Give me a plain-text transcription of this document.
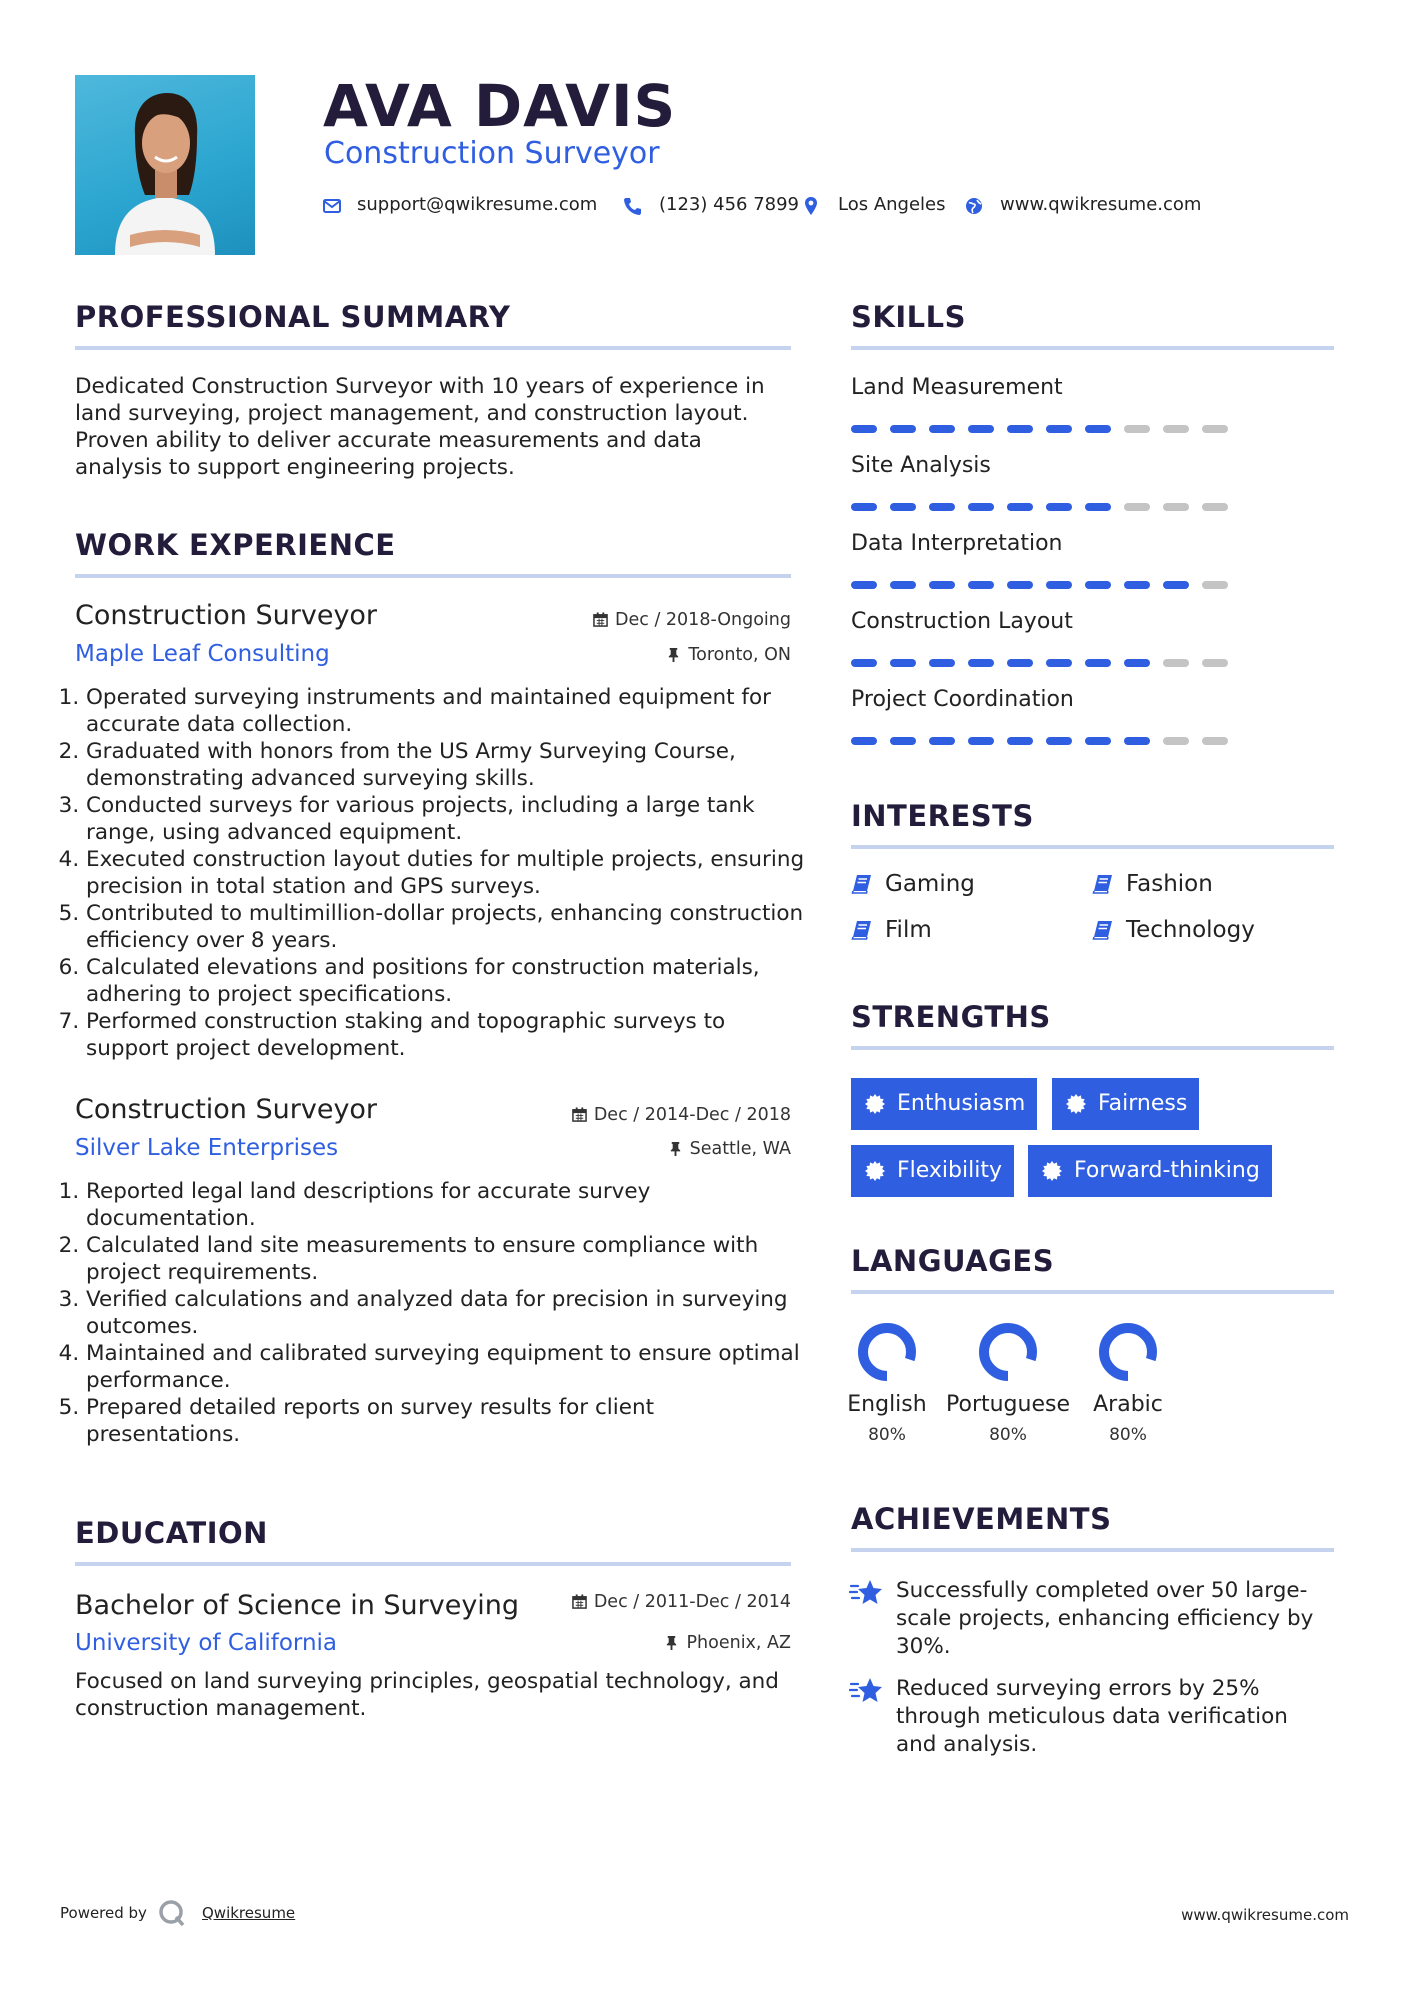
AVA DAVIS
Construction Surveyor
support@qwikresume.com	(123) 456 7899 Los Angeles	www.qwikresume.com
PROFESSIONAL SUMMARY
Dedicated Construction Surveyor with 10 years of experience in land surveying, project management, and construction layout. Proven ability to deliver accurate measurements and data analysis to support engineering projects.
WORK EXPERIENCE
Construction Surveyor	Dec / 2018-Ongoing
Maple Leaf Consulting	Toronto, ON
1. Operated surveying instruments and maintained equipment for accurate data collection.
2. Graduated with honors from the US Army Surveying Course, demonstrating advanced surveying skills.
3. Conducted surveys for various projects, including a large tank range, using advanced equipment.
4. Executed construction layout duties for multiple projects, ensuring precision in total station and GPS surveys.
5. Contributed to multimillion-dollar projects, enhancing construction efficiency over 8 years.
6. Calculated elevations and positions for construction materials, adhering to project specifications.
7. Performed construction staking and topographic surveys to support project development.
Construction Surveyor	Dec / 2014-Dec / 2018
Silver Lake Enterprises	Seattle, WA
1. Reported legal land descriptions for accurate survey documentation.
2. Calculated land site measurements to ensure compliance with project requirements.
3. Verified calculations and analyzed data for precision in surveying outcomes.
4. Maintained and calibrated surveying equipment to ensure optimal performance.
5. Prepared detailed reports on survey results for client presentations.
EDUCATION
Bachelor of Science in Surveying	Dec / 2011-Dec / 2014
University of California	Phoenix, AZ
Focused on land surveying principles, geospatial technology, and construction management.
SKILLS
Land Measurement
Site Analysis
Data Interpretation
Construction Layout
Project Coordination
INTERESTS
Gaming	Fashion
Film	Technology
STRENGTHS
Enthusiasm	Fairness
Flexibility	Forward-thinking
LANGUAGES
English
80%
Portuguese
80%
Arabic
80%
ACHIEVEMENTS
Successfully completed over 50 large-scale projects, enhancing efficiency by 30%.
Reduced surveying errors by 25% through meticulous data verification and analysis.
Powered by	Qwikresume	www.qwikresume.com
